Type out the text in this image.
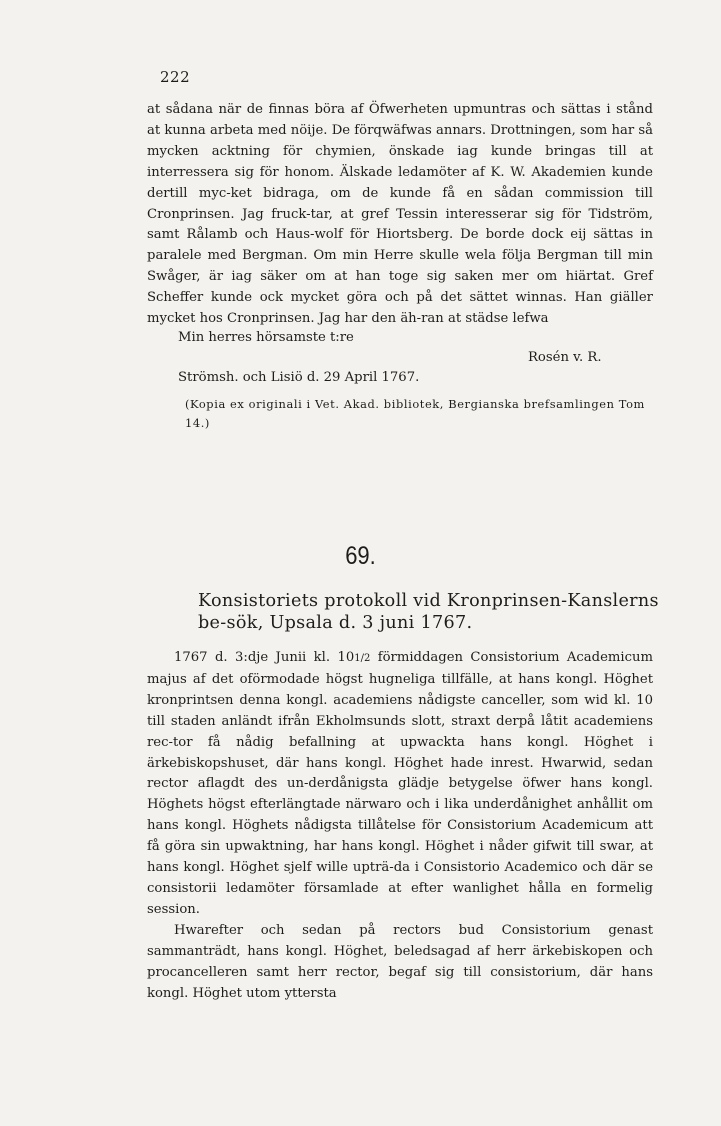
222

at sådana när de finnas böra af Öfwerheten upmuntras och sättas i stånd at kunna arbeta med nöije. De förqwäfwas annars. Drottningen, som har så mycken acktning för chymien, önskade iag kunde bringas till at interressera sig för honom. Älskade ledamöter af K. W. Akademien kunde dertill myc-ket bidraga, om de kunde få en sådan commission till Cronprinsen. Jag fruck-tar, at gref Tessin interesserar sig för Tidström, samt Rålamb och Haus-wolf för Hiortsberg. De borde dock eij sättas in paralele med Bergman. Om min Herre skulle wela följa Bergman till min Swåger, är iag säker om at han toge sig saken mer om hiärtat. Gref Scheffer kunde ock mycket göra och på det sättet winnas. Han giäller mycket hos Cronprinsen. Jag har den äh-ran at städse lefwa

Min herres hörsamste t:re
Rosén v. R.
Strömsh. och Lisiö d. 29 April 1767.
(Kopia ex originali i Vet. Akad. bibliotek, Bergianska brefsamlingen Tom 14.)
69.
Konsistoriets protokoll vid Kronprinsen-Kanslerns be-sök, Upsala d. 3 juni 1767.

1767 d. 3:dje Junii kl. 101/2 förmiddagen Consistorium Academicum majus af det oförmodade högst hugneliga tillfälle, at hans kongl. Höghet kronprintsen denna kongl. academiens nådigste canceller, som wid kl. 10 till staden anländt ifrån Ekholmsunds slott, straxt derpå låtit academiens rec-tor få nådig befallning at upwackta hans kongl. Höghet i ärkebiskopshuset, där hans kongl. Höghet hade inrest. Hwarwid, sedan rector aflagdt des un-derdånigsta glädje betygelse öfwer hans kongl. Höghets högst efterlängtade närwaro och i lika underdånighet anhållit om hans kongl. Höghets nådigsta tillåtelse för Consistorium Academicum att få göra sin upwaktning, har hans kongl. Höghet i nåder gifwit till swar, at hans kongl. Höghet sjelf wille upträ-da i Consistorio Academico och där se consistorii ledamöter församlade at efter wanlighet hålla en formelig session.

Hwarefter och sedan på rectors bud Consistorium genast sammanträdt, hans kongl. Höghet, beledsagad af herr ärkebiskopen och procancelleren samt herr rector, begaf sig till consistorium, där hans kongl. Höghet utom yttersta
